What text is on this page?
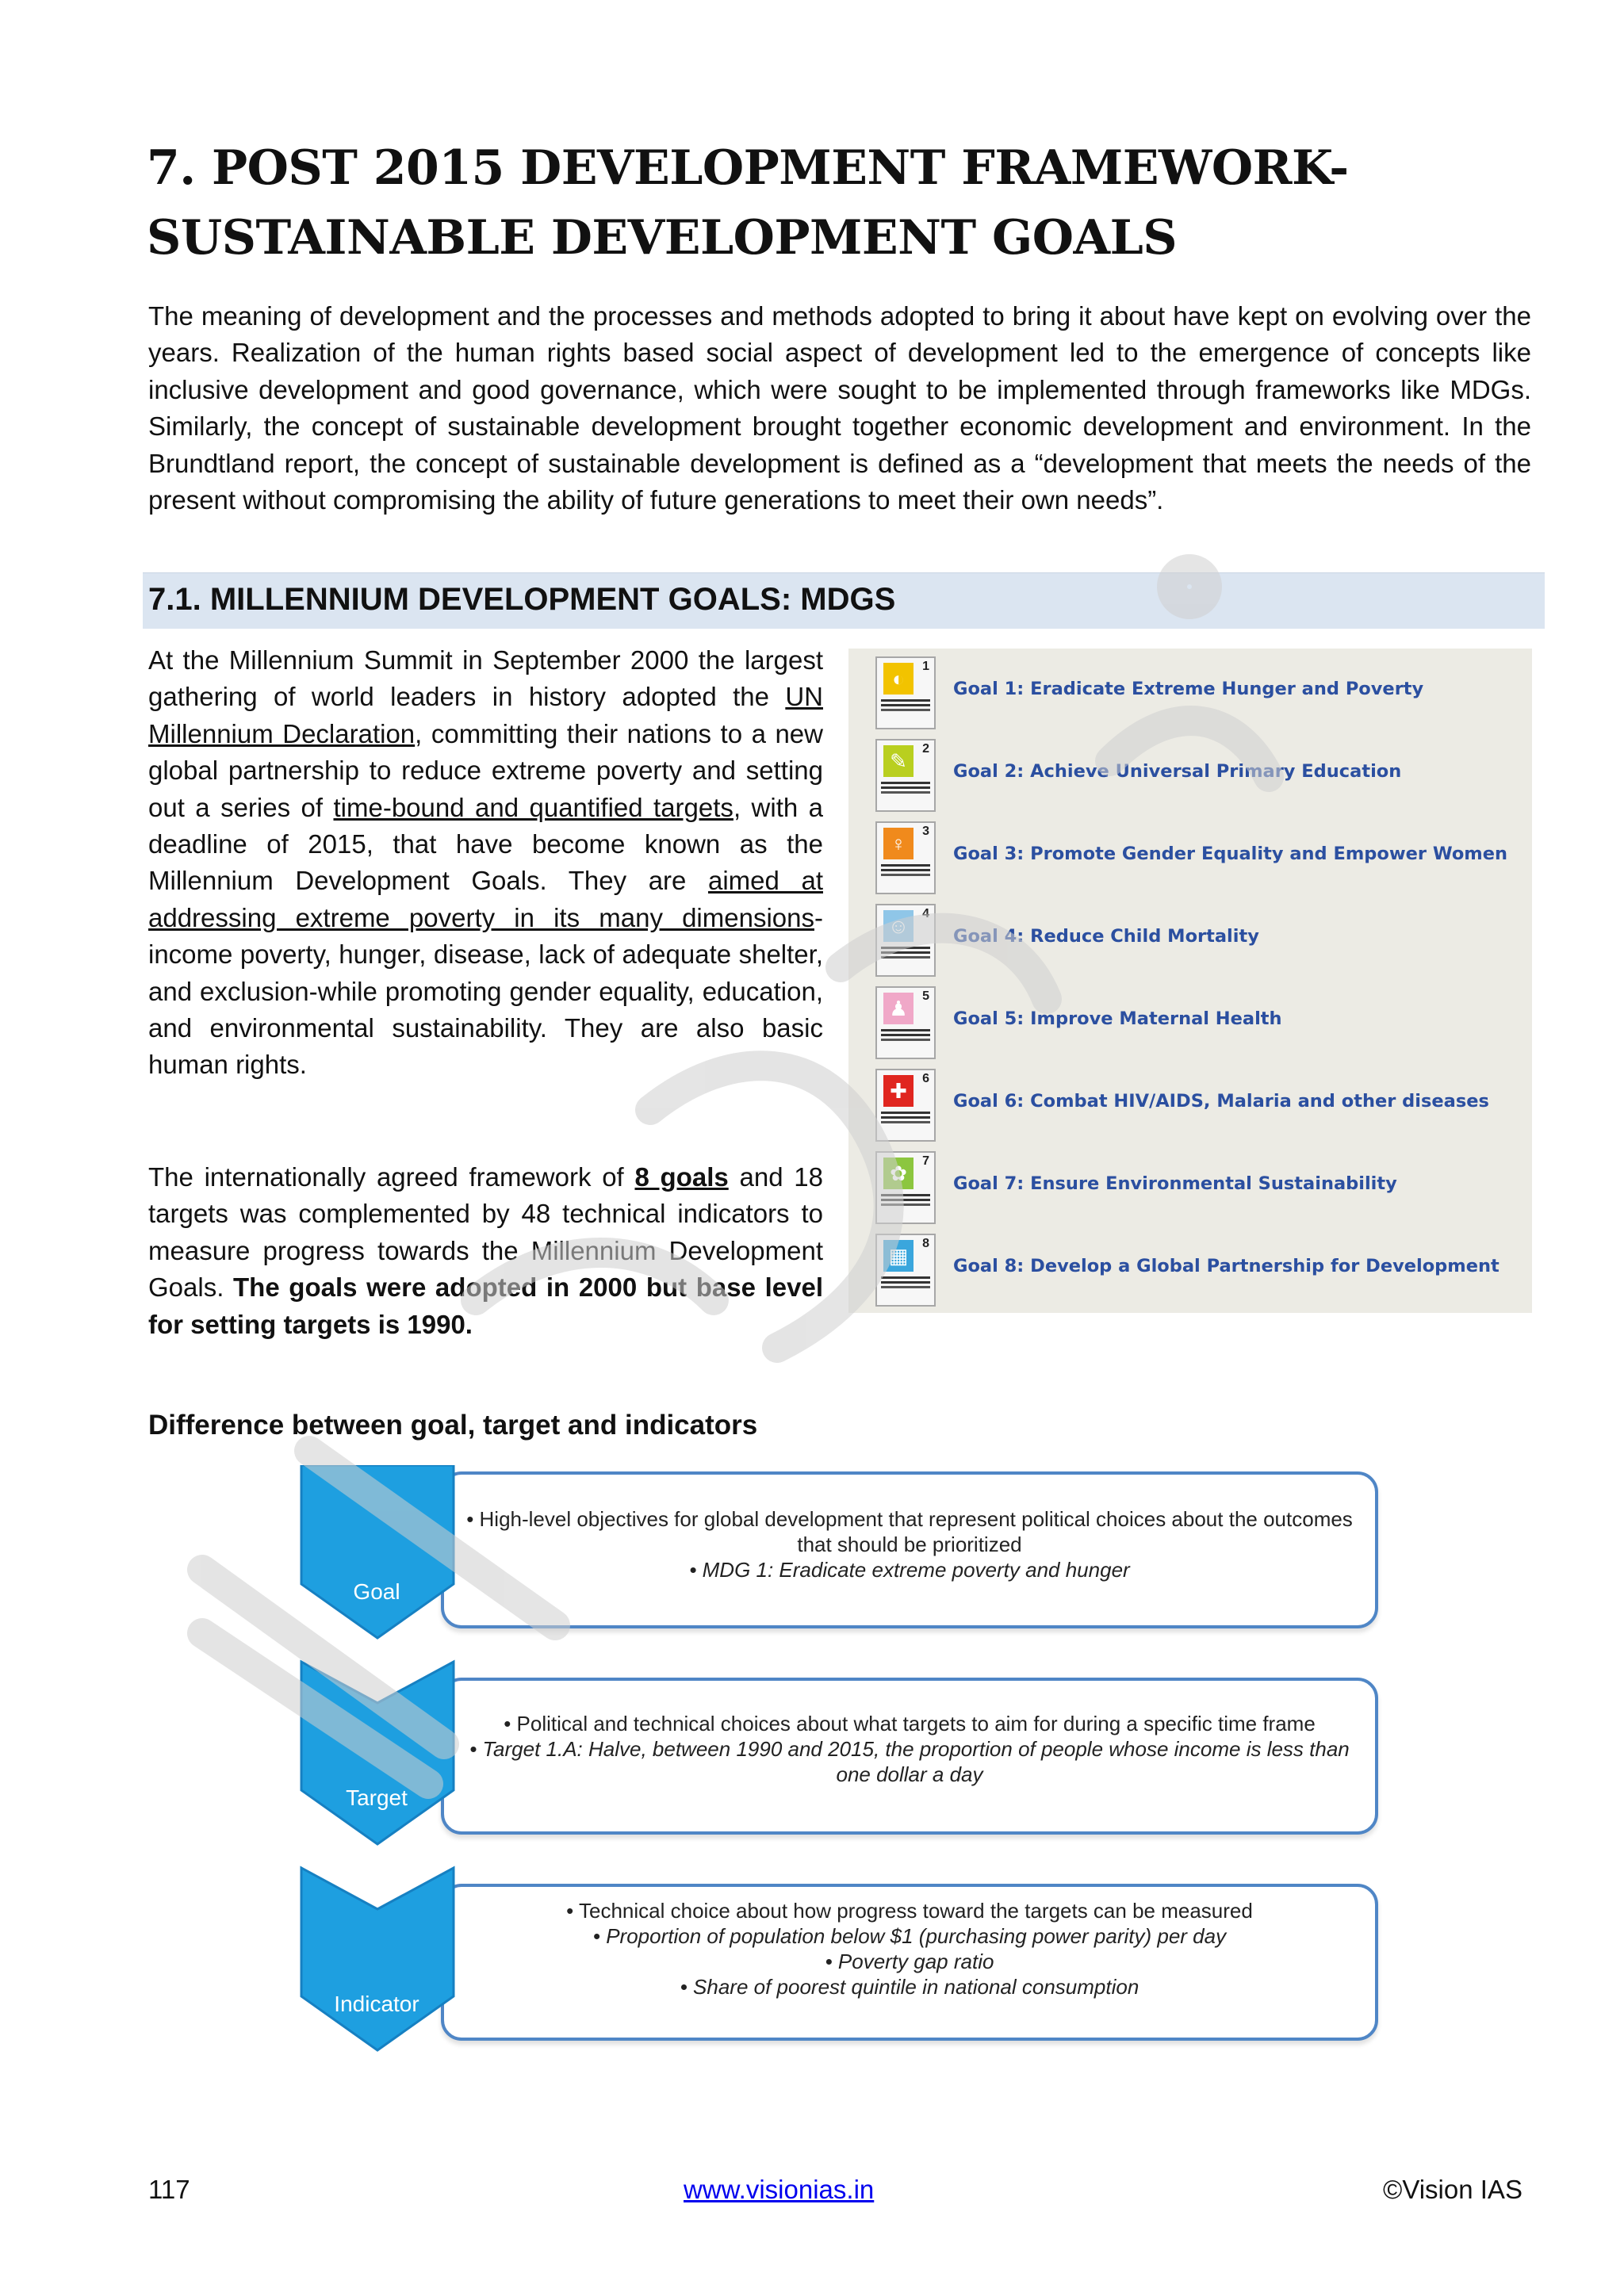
7. POST 2015 DEVELOPMENT FRAMEWORK-
SUSTAINABLE DEVELOPMENT GOALS
The meaning of development and the processes and methods adopted to bring it about have kept on evolving over the years. Realization of the human rights based social aspect of development led to the emergence of concepts like inclusive development and good governance, which were sought to be implemented through frameworks like MDGs. Similarly, the concept of sustainable development brought together economic development and environment. In the Brundtland report, the concept of sustainable development is defined as a “development that meets the needs of the present without compromising the ability of future generations to meet their own needs”.
7.1. MILLENNIUM DEVELOPMENT GOALS: MDGS
At the Millennium Summit in September 2000 the largest gathering of world leaders in history adopted the UN Millennium Declaration, committing their nations to a new global partnership to reduce extreme poverty and setting out a series of time-bound and quantified targets, with a deadline of 2015, that have become known as the Millennium Development Goals. They are aimed at addressing extreme poverty in its many dimensions-income poverty, hunger, disease, lack of adequate shelter, and exclusion-while promoting gender equality, education, and environmental sustainability. They are also basic human rights.
The internationally agreed framework of 8 goals and 18 targets was complemented by 48 technical indicators to measure progress towards the Millennium Development Goals. The goals were adopted in 2000 but base level for setting targets is 1990.
◐
1
Goal 1: Eradicate Extreme Hunger and Poverty
✎
2
Goal 2: Achieve Universal Primary Education
♀
3
Goal 3: Promote Gender Equality and Empower Women
☺
4
Goal 4: Reduce Child Mortality
♟
5
Goal 5: Improve Maternal Health
✚
6
Goal 6: Combat HIV/AIDS, Malaria and other diseases
✿
7
Goal 7: Ensure Environmental Sustainability
▦
8
Goal 8: Develop a Global Partnership for Development
Difference between goal, target and indicators
• High-level objectives for global development that represent political choices about the outcomes that should be prioritized
• MDG 1: Eradicate extreme poverty and hunger
• Political and technical choices about what targets to aim for during a specific time frame
• Target 1.A: Halve, between 1990 and 2015, the proportion of people whose income is less than one dollar a day
• Technical choice about how progress toward the targets can be measured
• Proportion of population below $1 (purchasing power parity) per day
• Poverty gap ratio
• Share of poorest quintile in national consumption
Goal
Target
Indicator
117	www.visionias.in	©Vision IAS
